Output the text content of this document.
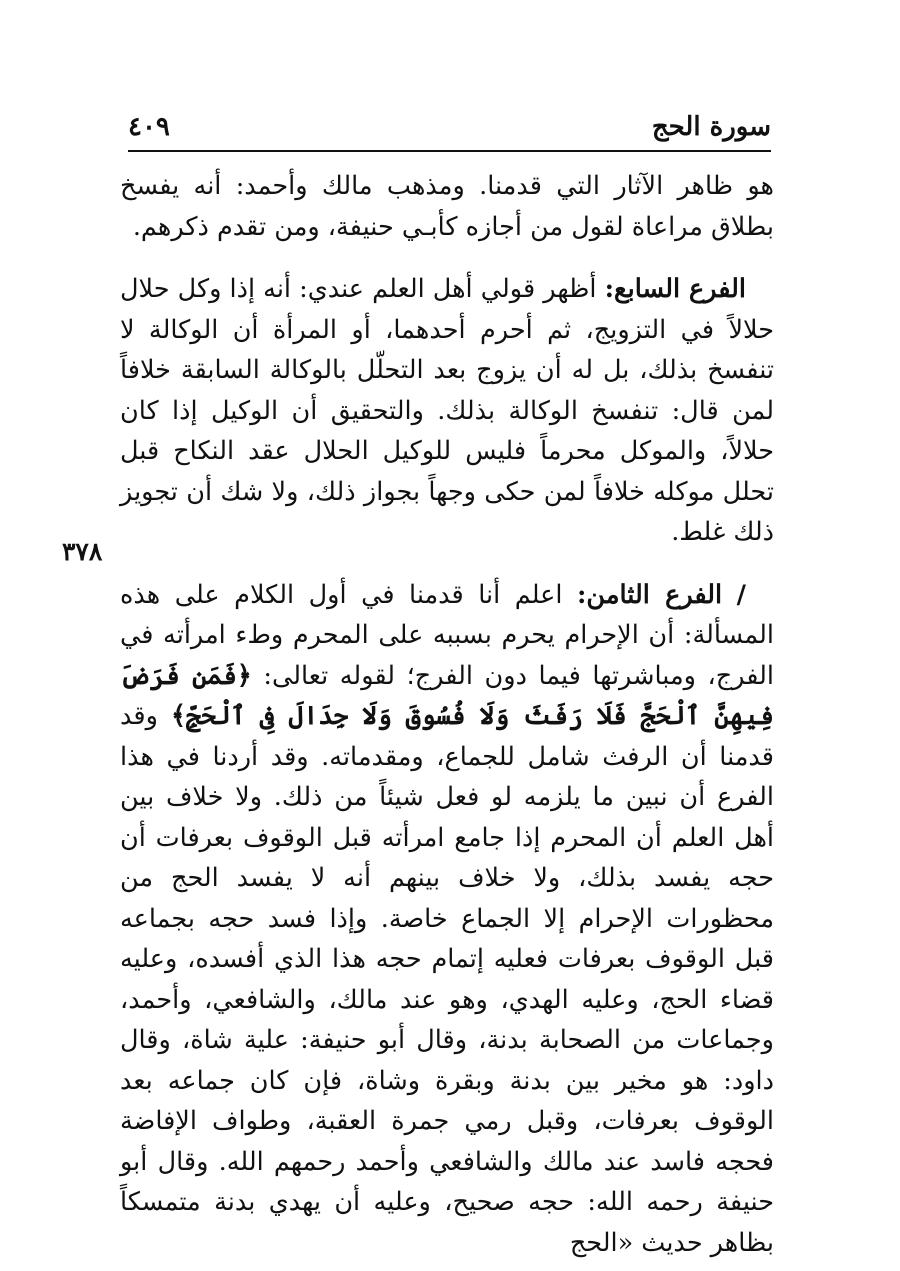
سورة الحج
٤٠٩
٣٧٨

هو ظاهر الآثار التي قدمنا. ومذهب مالك وأحمد: أنه يفسخ بطلاق مراعاة لقول من أجازه كأبـي حنيفة، ومن تقدم ذكرهم.

الفرع السابع: أظهر قولي أهل العلم عندي: أنه إذا وكل حلال حلالاً في التزويج، ثم أحرم أحدهما، أو المرأة أن الوكالة لا تنفسخ بذلك، بل له أن يزوج بعد التحلّل بالوكالة السابقة خلافاً لمن قال: تنفسخ الوكالة بذلك. والتحقيق أن الوكيل إذا كان حلالاً، والموكل محرماً فليس للوكيل الحلال عقد النكاح قبل تحلل موكله خلافاً لمن حكى وجهاً بجواز ذلك، ولا شك أن تجويز ذلك غلط.

/ الفرع الثامن: اعلم أنا قدمنا في أول الكلام على هذه المسألة: أن الإحرام يحرم بسببه على المحرم وطء امرأته في الفرج، ومباشرتها فيما دون الفرج؛ لقوله تعالى: ﴿فَمَن فَرَضَ فِيهِنَّ ٱلْحَجَّ فَلَا رَفَثَ وَلَا فُسُوقَ وَلَا جِدَالَ فِى ٱلْحَجِّ﴾ وقد قدمنا أن الرفث شامل للجماع، ومقدماته. وقد أردنا في هذا الفرع أن نبين ما يلزمه لو فعل شيئاً من ذلك. ولا خلاف بين أهل العلم أن المحرم إذا جامع امرأته قبل الوقوف بعرفات أن حجه يفسد بذلك، ولا خلاف بينهم أنه لا يفسد الحج من محظورات الإحرام إلا الجماع خاصة. وإذا فسد حجه بجماعه قبل الوقوف بعرفات فعليه إتمام حجه هذا الذي أفسده، وعليه قضاء الحج، وعليه الهدي، وهو عند مالك، والشافعي، وأحمد، وجماعات من الصحابة بدنة، وقال أبو حنيفة: علية شاة، وقال داود: هو مخير بين بدنة وبقرة وشاة، فإن كان جماعه بعد الوقوف بعرفات، وقبل رمي جمرة العقبة، وطواف الإفاضة فحجه فاسد عند مالك والشافعي وأحمد رحمهم الله. وقال أبو حنيفة رحمه الله: حجه صحيح، وعليه أن يهدي بدنة متمسكاً بظاهر حديث «الحج
